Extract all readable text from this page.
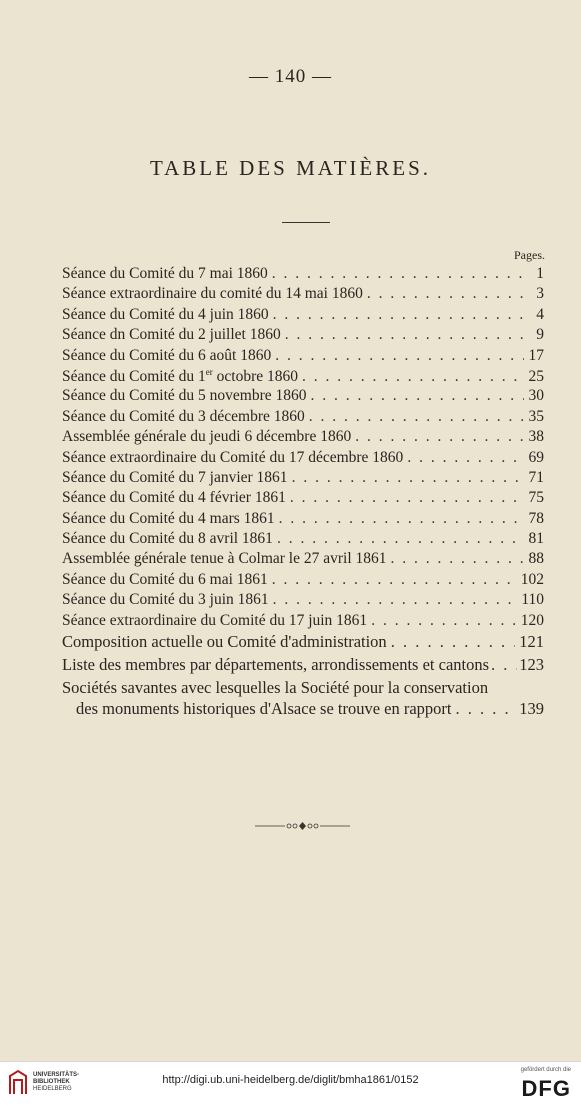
— 140 —
TABLE DES MATIÈRES.
Pages.
Séance du Comité du 7 mai 1860 . . .	1
Séance extraordinaire du comité du 14 mai 1860 . . .	3
Séance du Comité du 4 juin 1860 . . .	4
Séance dn Comité du 2 juillet 1860 . . .	9
Séance du Comité du 6 août 1860 . . .	17
Séance du Comité du 1er octobre 1860 . . .	25
Séance du Comité du 5 novembre 1860 . . .	30
Séance du Comité du 3 décembre 1860 . . .	35
Assemblée générale du jeudi 6 décembre 1860 . . .	38
Séance extraordinaire du Comité du 17 décembre 1860 . . .	69
Séance du Comité du 7 janvier 1861 . . .	71
Séance du Comité du 4 février 1861 . . .	75
Séance du Comité du 4 mars 1861 . . .	78
Séance du Comité du 8 avril 1861 . . .	81
Assemblée générale tenue à Colmar le 27 avril 1861 . . .	88
Séance du Comité du 6 mai 1861 . . .	102
Séance du Comité du 3 juin 1861 . . .	110
Séance extraordinaire du Comité du 17 juin 1861 . . .	120
Composition actuelle ou Comité d'administration . . .	121
Liste des membres par départements, arrondissements et cantons . . . 123
Sociétés savantes avec lesquelles la Société pour la conservation
des monuments historiques d'Alsace se trouve en rapport . . .	139
UNIVERSITÄTS-
BIBLIOTHEK
HEIDELBERG
http://digi.ub.uni-heidelberg.de/diglit/bmha1861/0152
gefördert durch die
DFG
